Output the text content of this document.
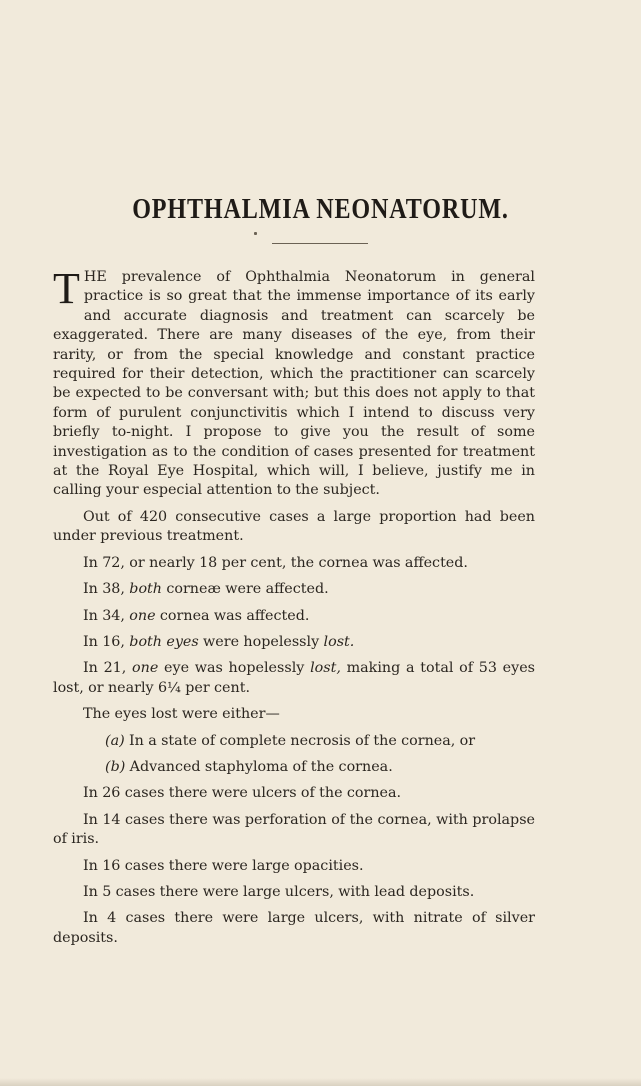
OPHTHALMIA NEONATORUM.

THE prevalence of Ophthalmia Neonatorum in general practice is so great that the immense importance of its early and accurate diagnosis and treatment can scarcely be exaggerated. There are many diseases of the eye, from their rarity, or from the special knowledge and constant practice required for their detection, which the practitioner can scarcely be expected to be conversant with; but this does not apply to that form of purulent conjunctivitis which I intend to discuss very briefly to-night. I propose to give you the result of some investigation as to the condition of cases presented for treatment at the Royal Eye Hospital, which will, I believe, justify me in calling your especial attention to the subject.

Out of 420 consecutive cases a large proportion had been under previous treatment.

In 72, or nearly 18 per cent, the cornea was affected.

In 38, both corneæ were affected.

In 34, one cornea was affected.

In 16, both eyes were hopelessly lost.

In 21, one eye was hopelessly lost, making a total of 53 eyes lost, or nearly 6¼ per cent.

The eyes lost were either—

(a) In a state of complete necrosis of the cornea, or

(b) Advanced staphyloma of the cornea.

In 26 cases there were ulcers of the cornea.

In 14 cases there was perforation of the cornea, with prolapse of iris.

In 16 cases there were large opacities.

In 5 cases there were large ulcers, with lead deposits.

In 4 cases there were large ulcers, with nitrate of silver deposits.
